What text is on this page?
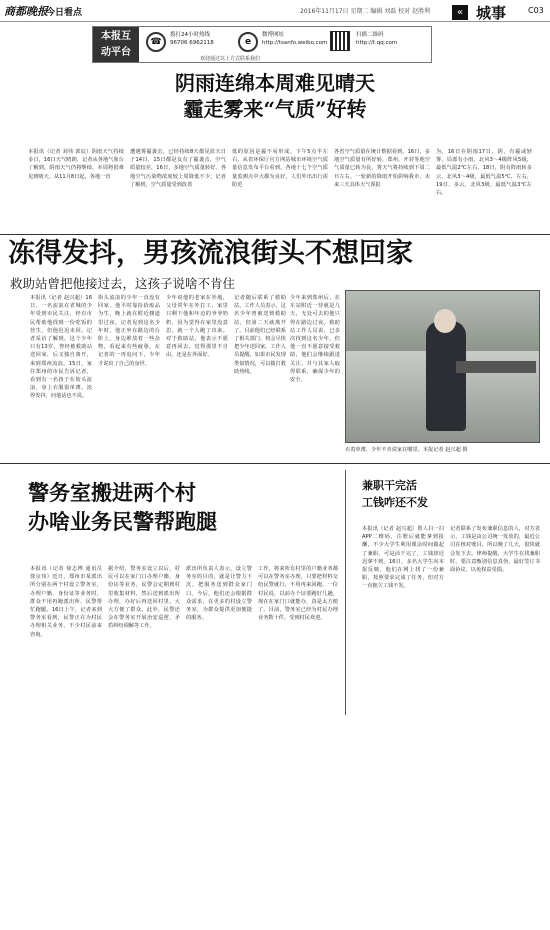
商都晚报
今日看点	2016年11月17日 星期二 编辑 刘磊 校对 赵胜利	« 城事	C03
本报互
动平台
☎
拨打24小时热线
96706 6962118	e
微博网址
http://tsanfo.weibo.com
扫描二维码
http://t.qq.com
欢迎通过以上方式联系我们
阴雨连绵本周难见晴天
霾走雾来“气质”好转
本报讯（记者 刘伟 郭辰）阴雨天气持续多日，16日天气晴朗，记者从各地气象台了解到，阴雨天气仍将继续，本周将很难见到晴天。从11月8日起，各地一直
遭遇雾霾袭击，已经持续8天都见蓝天日子14日，15日都是友有了霾袭击，空气质量较差，16日，多地空气质量转好。各地空气污染物浓度较上周降低不少，记者了解到，空气质量受到改善
低的原因是霾不易形成。下午5点半左右，从省环保厅官方网站城市环境空气质量信息发布平台看到，各地十七个空气质量监测点中大都为良好，人们外出出行需防范
各省空气质量在统计数据看到，16日，多地空气质量有所好转，郑州、开封等地空气质量已转为良，雾天气将持续到下周二日左右。一轮新的降雨开始影响我市。未来三天具体天气预报
为，16日在阴雨17日，阴，有霾或轻雾，局部有小雨，北风3～4级阵风5级，最低气温2℃左右，18日，阴有阵雨转多云，北风3～4级，最低气温5℃，左右，19日，多云，北风3级，最低气温3℃左右。
冻得发抖，男孩流浪街头不想回家
救助站曾把他接过去，这孩子说啥不肯住
本报讯（记者 赵兴超）16日，一名流浪在省城的少年受到市民关注，经有市民帮助他找到一份吃饭的营生，但他迟迟未回。记者采访了解到，这个少年只有13岁，曾经被救助站送回家，后又独自离开，来到郑州流浪。15日，家住郑州的市民告诉记者，看到有一名孩子在街头流浪，身上衣服很单薄，冻得发抖，问他话也不说。
街头流浪的少年一直没有回家，他平时靠捡拾废品为生，晚上就在附近楼道里过夜。记者见到这名少年时，他正坐在路边的台阶上，身边堆放着一些杂物，看起来有些疲惫。在记者的一再追问下，少年才说出了自己的身世。
少年说他的老家在外地，父母常年在外打工，家里只剩下他和年迈的爷爷奶奶，因为觉得在家里没意思，就一个人跑了出来。对于救助站，他表示不愿意再回去，觉得那里不自由，还是在外面好。
记者随后联系了救助站，工作人员表示，这名少年曾被送到救助站，但第二天就离开了。目前他们已经联系了相关部门，将会尽快把少年送回家。工作人员提醒，如果市民发现类似情况，可以拨打救助热线。
少年来到郑州后，在车站附近一待就是几天，无处可去的他只得在路边过夜。救助站工作人员说，已多次找到这名少年，但他一直不愿意接受救助，他们会继续跟进关注，并与其家人取得联系，确保少年的安全。
衣着单薄，少年不肯说家在哪里。本报记者 赵兴超 摄
警务室搬进两个村
办啥业务民警帮跑腿
本报讯（记者 徐志博 通讯员 徐京伟）近日，郑州市某派出所分别在两个村设立警务室，办理户籍、身份证等业务时，群众不用再跑派出所，民警帮忙跑腿。16日上午，记者来到警务室看到，民警正在为村民办理相关业务，不少村民前来咨询。
据介绍，警务室设立以后，村民可以在家门口办理户籍、身份证等业务，民警会定期到村里收集材料，然后送到派出所办理，办好后再送回村里，大大方便了群众。此外，民警还会在警务室开展治安巡逻、矛盾纠纷调解等工作。
派出所负责人表示，设立警务室的目的，就是让警力下沉，把服务送到群众家门口。今后，他们还会根据群众需求，在更多的村设立警务室，为群众提供更加便捷的服务。
工作，将来所有村里的户籍业务都可以在警务室办理，只要把材料交给民警就行，不用再来回跑。一位村民说，以前办个证要跑好几趟，现在在家门口就能办，真是太方便了。目前，警务室已经为村民办理业务数十件，受到村民欢迎。
兼职干完活
工钱咋还不发
本报讯（记者 赵兴超）帮人扫一扫APP二维码，注册后就能拿到报酬，不少大学生利用课余时间做起了兼职。可是活干完了，工钱却迟迟拿不到。16日，多名大学生向本报反映，他们在网上找了一份兼职，按照要求完成了任务，但对方一直拖欠工钱不发。
记者联系了发布兼职信息的人，对方表示，工钱是由公司统一发放的，最近公司在核对账目，所以晚了几天，很快就会发下去。律师提醒，大学生在找兼职时，要注意甄别信息真伪，最好签订书面协议，以免权益受损。
